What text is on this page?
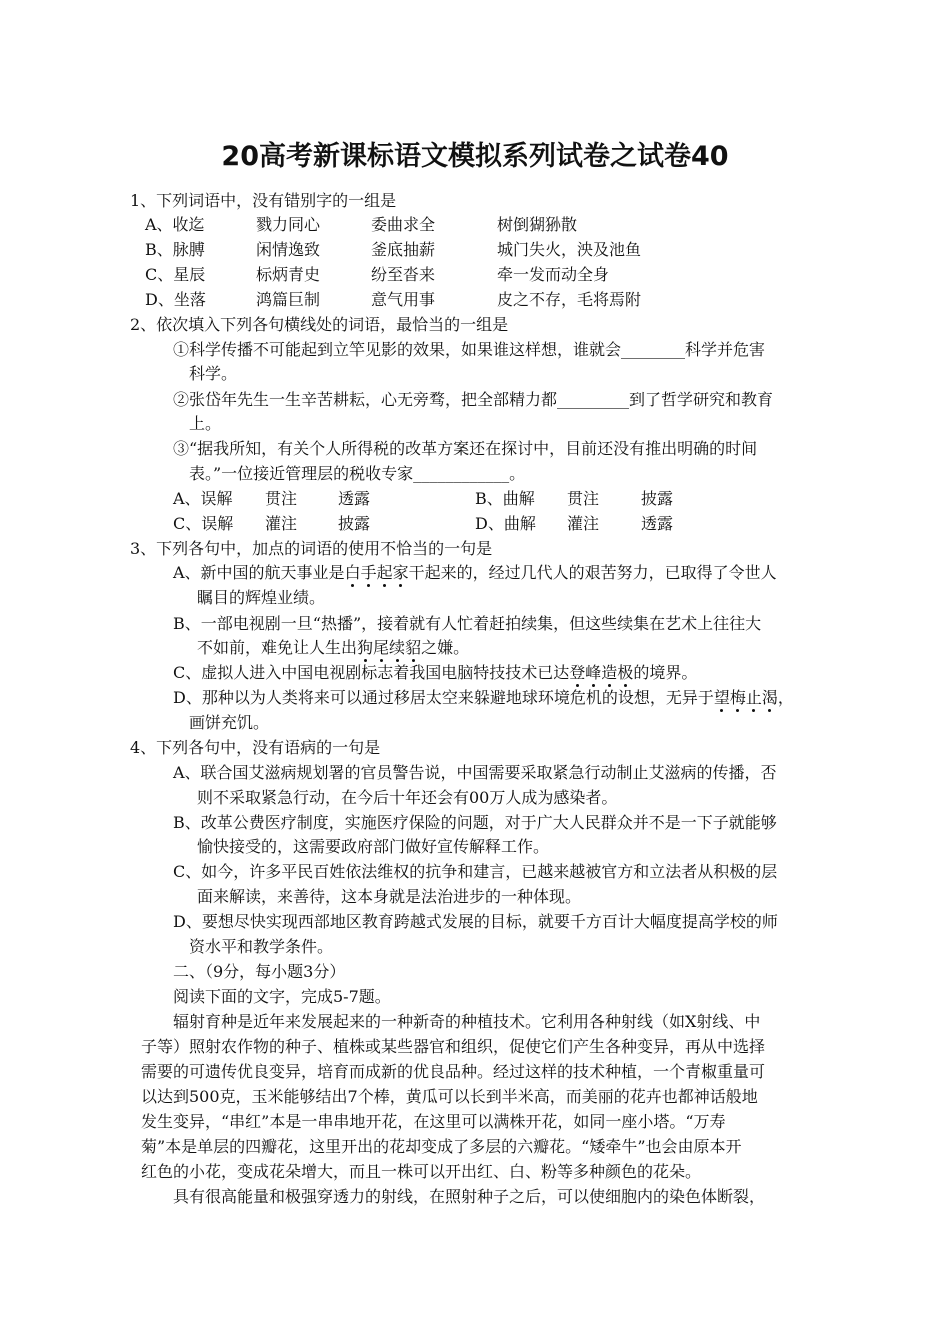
20高考新课标语文模拟系列试卷之试卷40
1、下列词语中，没有错别字的一组是
A、收迄	戮力同心	委曲求全	树倒猢狲散
B、脉膊	闲情逸致	釜底抽薪	城门失火，泱及池鱼
C、星辰	标炳青史	纷至沓来	牵一发而动全身
D、坐落	鸿篇巨制	意气用事	皮之不存，毛将焉附
2、依次填入下列各句横线处的词语，最恰当的一组是
①科学传播不可能起到立竿见影的效果，如果谁这样想，谁就会________科学并危害
科学。
②张岱年先生一生辛苦耕耘，心无旁骛，把全部精力都_________到了哲学研究和教育
上。
③“据我所知，有关个人所得税的改革方案还在探讨中，目前还没有推出明确的时间
表。”一位接近管理层的税收专家____________。
A、误解 贯注	透露	B、曲解 贯注	披露
C、误解 灌注	披露	D、曲解 灌注	透露
3、下列各句中，加点的词语的使用不恰当的一句是
A、新中国的航天事业是白手起家干起来的，经过几代人的艰苦努力，已取得了令世人
瞩目的辉煌业绩。
B、一部电视剧一旦“热播”，接着就有人忙着赶拍续集，但这些续集在艺术上往往大
不如前，难免让人生出狗尾续貂之嫌。
C、虚拟人进入中国电视剧标志着我国电脑特技技术已达登峰造极的境界。
D、那种以为人类将来可以通过移居太空来躲避地球环境危机的设想，无异于望梅止渴，
画饼充饥。
4、下列各句中，没有语病的一句是
A、联合国艾滋病规划署的官员警告说，中国需要采取紧急行动制止艾滋病的传播，否
则不采取紧急行动，在今后十年还会有00万人成为感染者。
B、改革公费医疗制度，实施医疗保险的问题，对于广大人民群众并不是一下子就能够
愉快接受的，这需要政府部门做好宣传解释工作。
C、如今，许多平民百姓依法维权的抗争和建言，已越来越被官方和立法者从积极的层
面来解读，来善待，这本身就是法治进步的一种体现。
D、要想尽快实现西部地区教育跨越式发展的目标，就要千方百计大幅度提高学校的师
资水平和教学条件。
二、（9分，每小题3分）
阅读下面的文字，完成5-7题。
辐射育种是近年来发展起来的一种新奇的种植技术。它利用各种射线（如X射线、中
子等）照射农作物的种子、植株或某些器官和组织，促使它们产生各种变异，再从中选择
需要的可遗传优良变异，培育而成新的优良品种。经过这样的技术种植，一个青椒重量可
以达到500克，玉米能够结出7个棒，黄瓜可以长到半米高，而美丽的花卉也都神话般地
发生变异，“串红”本是一串串地开花，在这里可以满株开花，如同一座小塔。“万寿
菊”本是单层的四瓣花，这里开出的花却变成了多层的六瓣花。“矮牵牛”也会由原本开
红色的小花，变成花朵增大，而且一株可以开出红、白、粉等多种颜色的花朵。
具有很高能量和极强穿透力的射线，在照射种子之后，可以使细胞内的染色体断裂，
